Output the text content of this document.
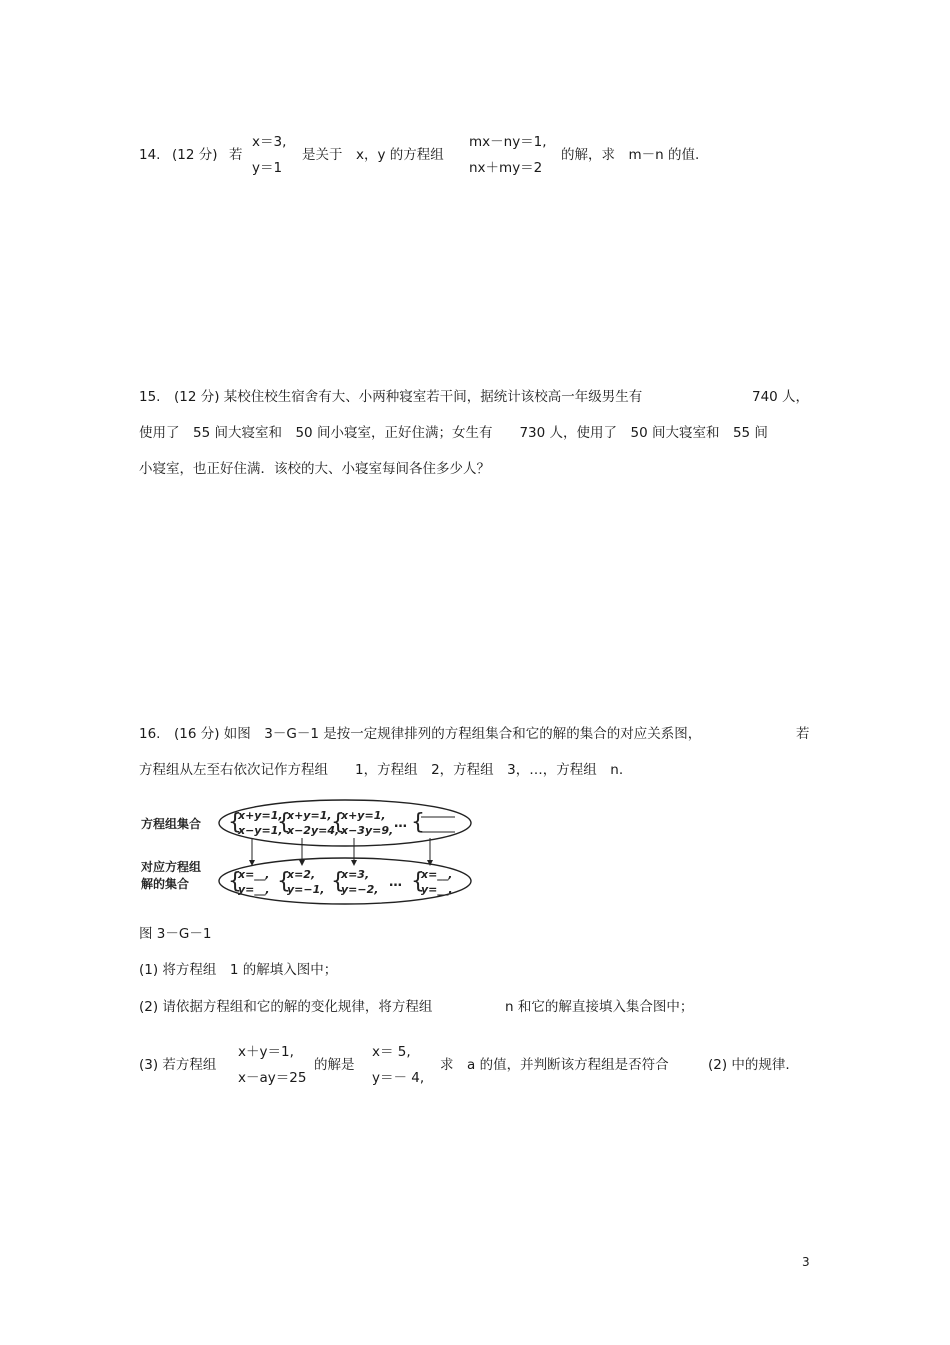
14. (12 分) 若
x＝3,
y＝1
是关于　x，y 的方程组
mx－ny＝1,
nx＋my＝2
的解，求　m－n 的值.
15.　(12 分) 某校住校生宿舍有大、小两种寝室若干间，据统计该校高一年级男生有	740 人，
使用了　55 间大寝室和　50 间小寝室，正好住满；女生有　　730 人，使用了　50 间大寝室和　55 间
小寝室，也正好住满．该校的大、小寝室每间各住多少人？
16.　(16 分) 如图　3－G－1 是按一定规律排列的方程组集合和它的解的集合的对应关系图，	若
方程组从左至右依次记作方程组　　1，方程组　2，方程组　3，…，方程组　n.
方程组集合
对应方程组
解的集合
{
x+y=1,
x−y=1,
{
x+y=1,
x−2y=4,
{
x+y=1,
x−3y=9, … {
{
x=__,
y=__, {
x=2,
y=−1, {
x=3,
y=−2, … {
x=__,
y=__.
图 3－G－1
(1) 将方程组　1 的解填入图中；
(2) 请依据方程组和它的解的变化规律，将方程组	n 和它的解直接填入集合图中；
(3) 若方程组
x＋y＝1,
x－ay＝25
的解是
x＝ 5,
y＝－ 4,
求　a 的值，并判断该方程组是否符合	(2) 中的规律.
3
